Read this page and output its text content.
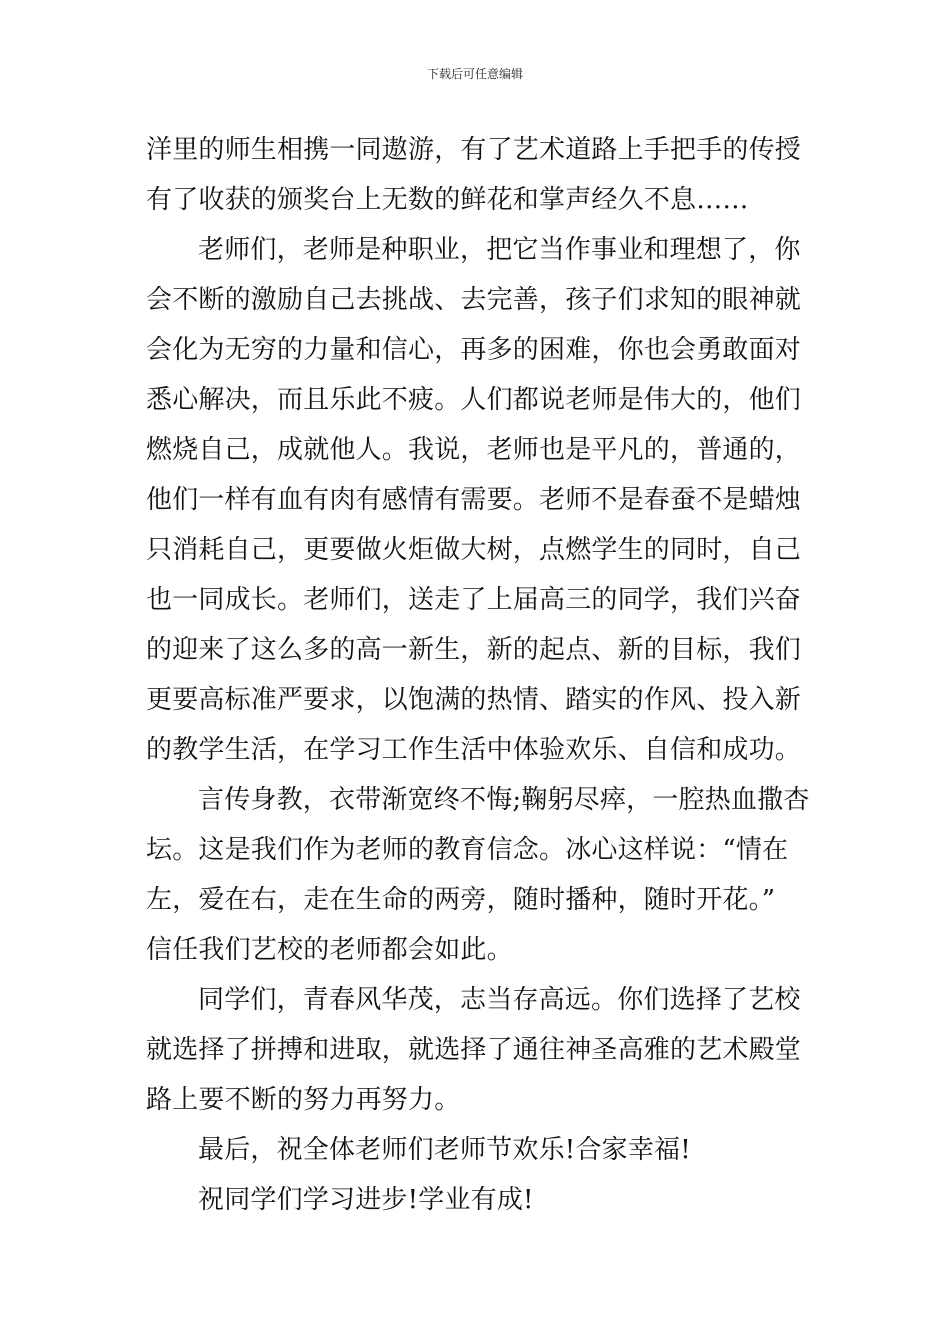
下载后可任意编辑
洋里的师生相携一同遨游，有了艺术道路上手把手的传授
有了收获的颁奖台上无数的鲜花和掌声经久不息……
老师们，老师是种职业，把它当作事业和理想了，你
会不断的激励自己去挑战、去完善，孩子们求知的眼神就
会化为无穷的力量和信心，再多的困难，你也会勇敢面对
悉心解决，而且乐此不疲。人们都说老师是伟大的，他们
燃烧自己，成就他人。我说，老师也是平凡的，普通的，
他们一样有血有肉有感情有需要。老师不是春蚕不是蜡烛
只消耗自己，更要做火炬做大树，点燃学生的同时，自己
也一同成长。老师们，送走了上届高三的同学，我们兴奋
的迎来了这么多的高一新生，新的起点、新的目标，我们
更要高标准严要求，以饱满的热情、踏实的作风、投入新
的教学生活，在学习工作生活中体验欢乐、自信和成功。
言传身教，衣带渐宽终不悔;鞠躬尽瘁，一腔热血撒杏
坛。这是我们作为老师的教育信念。冰心这样说：“情在
左，爱在右，走在生命的两旁，随时播种，随时开花。”
信任我们艺校的老师都会如此。
同学们，青春风华茂，志当存高远。你们选择了艺校
就选择了拼搏和进取，就选择了通往神圣高雅的艺术殿堂
路上要不断的努力再努力。
最后，祝全体老师们老师节欢乐!合家幸福!
祝同学们学习进步!学业有成!
